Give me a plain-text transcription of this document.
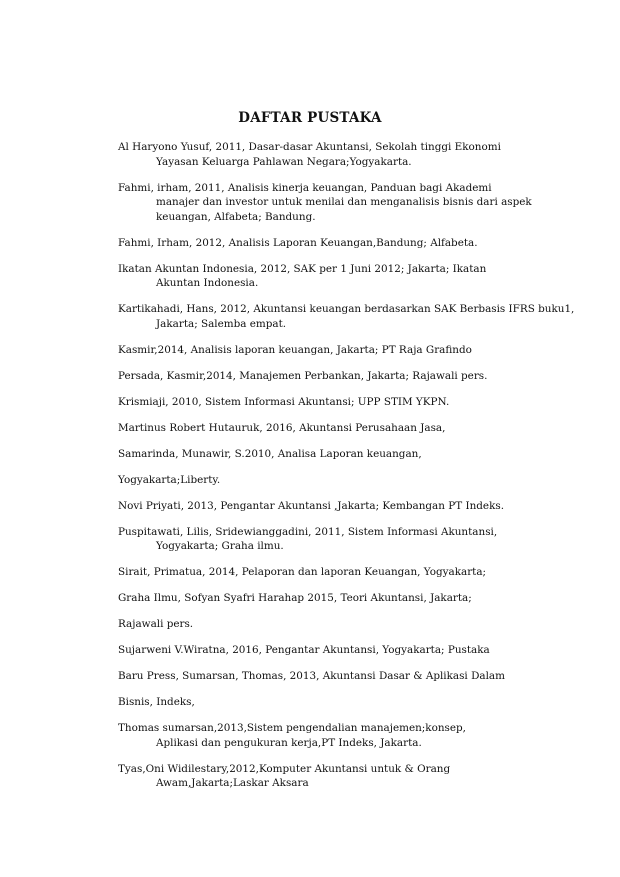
DAFTAR PUSTAKA
Al Haryono Yusuf, 2011, Dasar-dasar Akuntansi, Sekolah tinggi Ekonomi
Yayasan Keluarga Pahlawan Negara;Yogyakarta.
Fahmi, irham, 2011, Analisis kinerja keuangan, Panduan bagi Akademi
manajer dan investor untuk menilai dan menganalisis bisnis dari aspek
keuangan, Alfabeta; Bandung.
Fahmi, Irham, 2012, Analisis Laporan Keuangan,Bandung; Alfabeta.
Ikatan Akuntan Indonesia, 2012, SAK per 1 Juni 2012; Jakarta; Ikatan
Akuntan Indonesia.
Kartikahadi, Hans, 2012, Akuntansi keuangan berdasarkan SAK Berbasis IFRS buku1,
Jakarta; Salemba empat.
Kasmir,2014, Analisis laporan keuangan, Jakarta; PT Raja Grafindo
Persada, Kasmir,2014, Manajemen Perbankan, Jakarta; Rajawali pers.
Krismiaji, 2010, Sistem Informasi Akuntansi; UPP STIM YKPN.
Martinus Robert Hutauruk, 2016, Akuntansi Perusahaan Jasa,
Samarinda, Munawir, S.2010, Analisa Laporan keuangan,
Yogyakarta;Liberty.
Novi Priyati, 2013, Pengantar Akuntansi ,Jakarta; Kembangan PT Indeks.
Puspitawati, Lilis, Sridewianggadini, 2011, Sistem Informasi Akuntansi,
Yogyakarta; Graha ilmu.
Sirait, Primatua, 2014, Pelaporan dan laporan Keuangan, Yogyakarta;
Graha Ilmu, Sofyan Syafri Harahap 2015, Teori Akuntansi, Jakarta;
Rajawali pers.
Sujarweni V.Wiratna, 2016, Pengantar Akuntansi, Yogyakarta; Pustaka
Baru Press, Sumarsan, Thomas, 2013, Akuntansi Dasar & Aplikasi Dalam
Bisnis, Indeks,
Thomas sumarsan,2013,Sistem pengendalian manajemen;konsep,
Aplikasi dan pengukuran kerja,PT Indeks, Jakarta.
Tyas,Oni Widilestary,2012,Komputer Akuntansi untuk & Orang
Awam,Jakarta;Laskar Aksara
